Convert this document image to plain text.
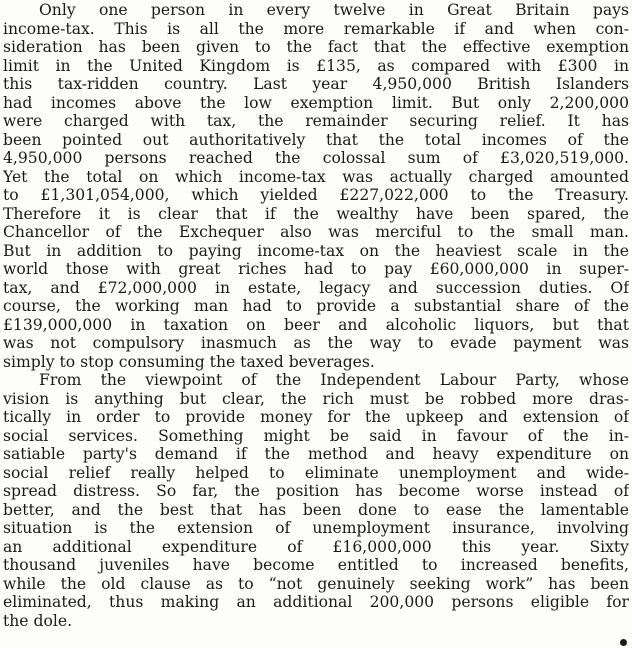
Only one person in every twelve in Great Britain pays
income-tax. This is all the more remarkable if and when con-
sideration has been given to the fact that the effective exemption
limit in the United Kingdom is £135, as compared with £300 in
this tax-ridden country. Last year 4,950,000 British Islanders
had incomes above the low exemption limit. But only 2,200,000
were charged with tax, the remainder securing relief. It has
been pointed out authoritatively that the total incomes of the
4,950,000 persons reached the colossal sum of £3,020,519,000.
Yet the total on which income-tax was actually charged amounted
to £1,301,054,000, which yielded £227,022,000 to the Treasury.
Therefore it is clear that if the wealthy have been spared, the
Chancellor of the Exchequer also was merciful to the small man.
But in addition to paying income-tax on the heaviest scale in the
world those with great riches had to pay £60,000,000 in super-
tax, and £72,000,000 in estate, legacy and succession duties. Of
course, the working man had to provide a substantial share of the
£139,000,000 in taxation on beer and alcoholic liquors, but that
was not compulsory inasmuch as the way to evade payment was
simply to stop consuming the taxed beverages.

From the viewpoint of the Independent Labour Party, whose
vision is anything but clear, the rich must be robbed more dras-
tically in order to provide money for the upkeep and extension of
social services. Something might be said in favour of the in-
satiable party's demand if the method and heavy expenditure on
social relief really helped to eliminate unemployment and wide-
spread distress. So far, the position has become worse instead of
better, and the best that has been done to ease the lamentable
situation is the extension of unemployment insurance, involving
an additional expenditure of £16,000,000 this year. Sixty
thousand juveniles have become entitled to increased benefits,
while the old clause as to “not genuinely seeking work” has been
eliminated, thus making an additional 200,000 persons eligible for
the dole.
